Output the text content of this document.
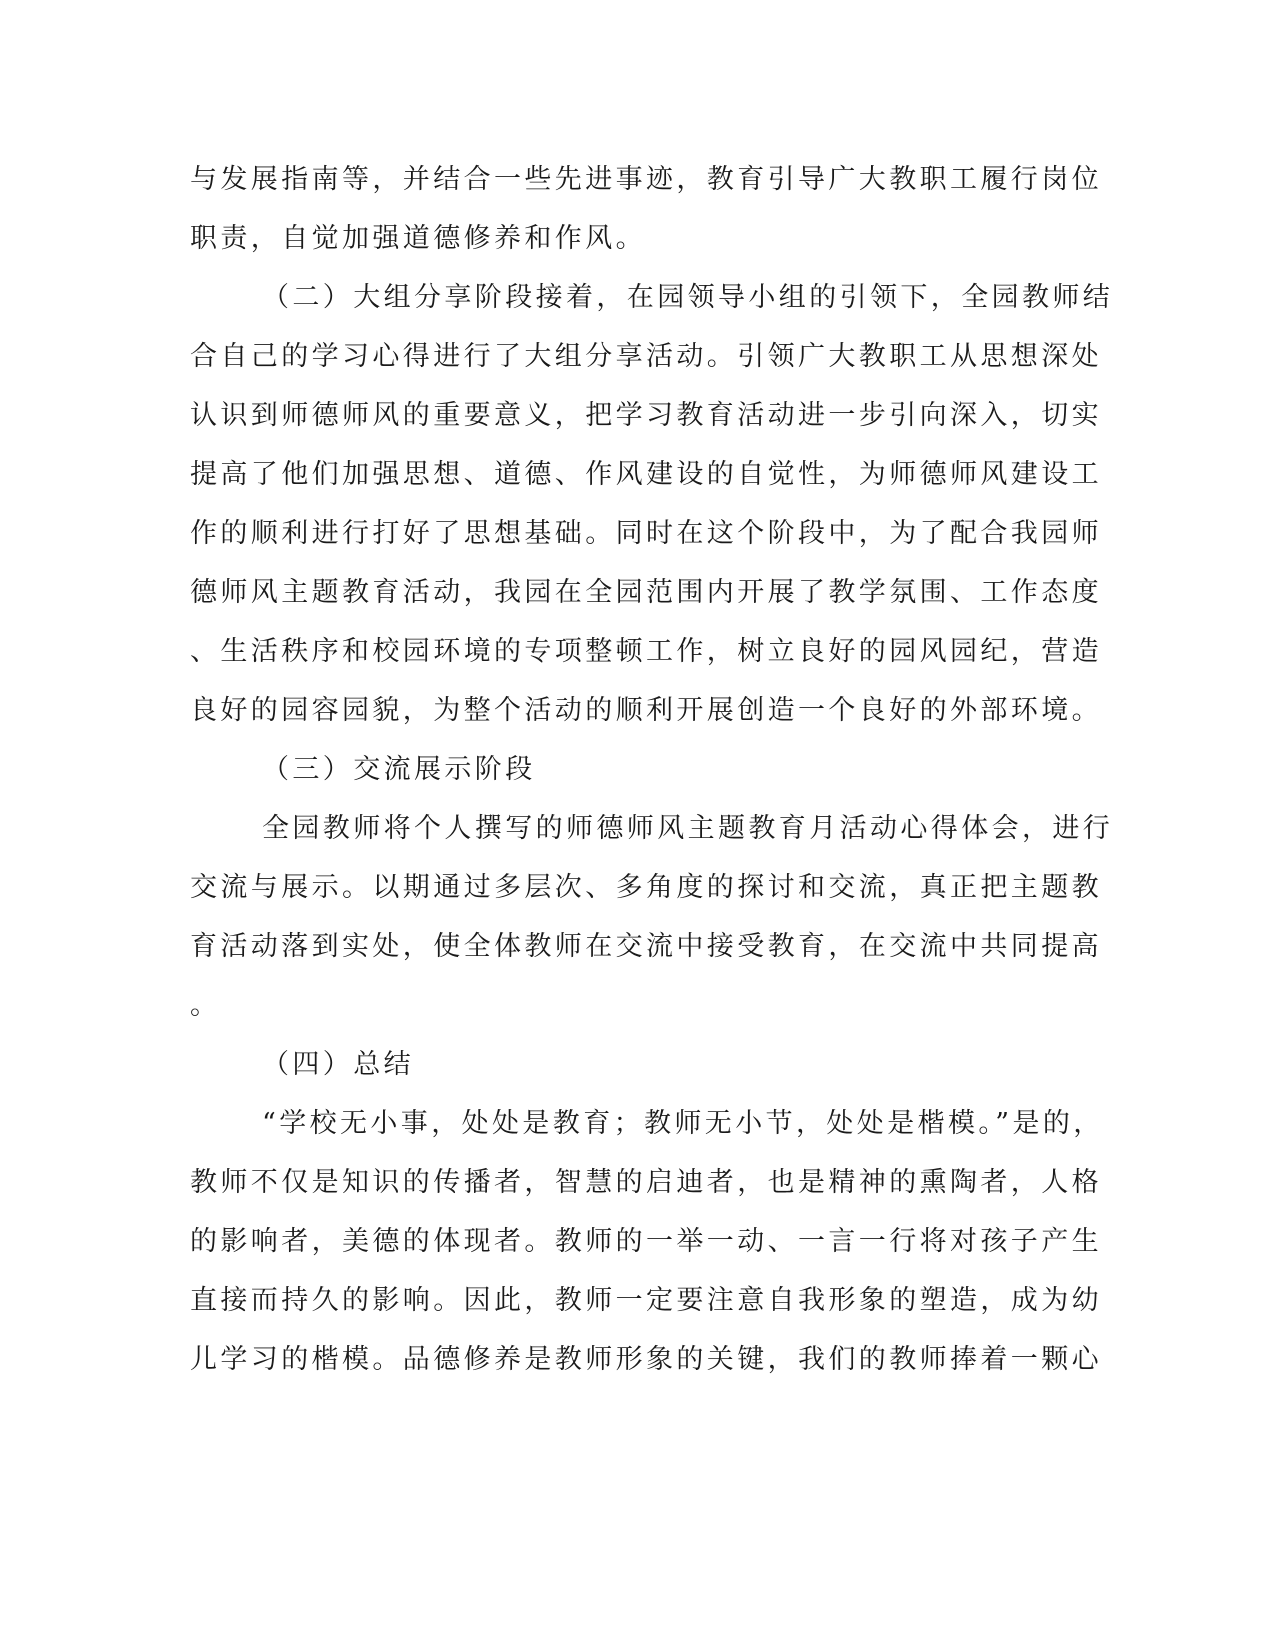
与发展指南等，并结合一些先进事迹，教育引导广大教职工履行岗位
职责，自觉加强道德修养和作风。
（二）大组分享阶段接着，在园领导小组的引领下，全园教师结
合自己的学习心得进行了大组分享活动。引领广大教职工从思想深处
认识到师德师风的重要意义，把学习教育活动进一步引向深入，切实
提高了他们加强思想、道德、作风建设的自觉性，为师德师风建设工
作的顺利进行打好了思想基础。同时在这个阶段中，为了配合我园师
德师风主题教育活动，我园在全园范围内开展了教学氛围、工作态度
、生活秩序和校园环境的专项整顿工作，树立良好的园风园纪，营造
良好的园容园貌，为整个活动的顺利开展创造一个良好的外部环境。
（三）交流展示阶段
全园教师将个人撰写的师德师风主题教育月活动心得体会，进行
交流与展示。以期通过多层次、多角度的探讨和交流，真正把主题教
育活动落到实处，使全体教师在交流中接受教育，在交流中共同提高
。
（四）总结
“学校无小事，处处是教育；教师无小节，处处是楷模。”是的，
教师不仅是知识的传播者，智慧的启迪者，也是精神的熏陶者，人格
的影响者，美德的体现者。教师的一举一动、一言一行将对孩子产生
直接而持久的影响。因此，教师一定要注意自我形象的塑造，成为幼
儿学习的楷模。品德修养是教师形象的关键，我们的教师捧着一颗心
